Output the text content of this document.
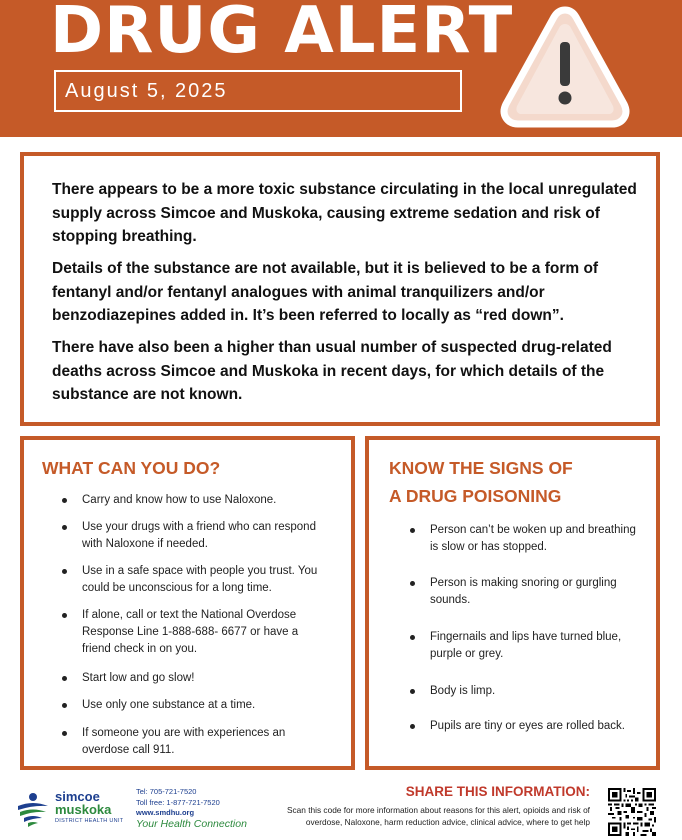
DRUG ALERT
August 5, 2025

There appears to be a more toxic substance circulating in the local unregulated supply across Simcoe and Muskoka, causing extreme sedation and risk of stopping breathing.

Details of the substance are not available, but it is believed to be a form of fentanyl and/or fentanyl analogues with animal tranquilizers and/or benzodiazepines added in. It’s been referred to locally as “red down”.

There have also been a higher than usual number of suspected drug-related deaths across Simcoe and Muskoka in recent days, for which details of the substance are not known.

WHAT CAN YOU DO?
Carry and know how to use Naloxone.
Use your drugs with a friend who can respond with Naloxone if needed.
Use in a safe space with people you trust. You could be unconscious for a long time.
If alone, call or text the National Overdose Response Line 1-888-688- 6677 or have a friend check in on you.
Start low and go slow!
Use only one substance at a time.
If someone you are with experiences an overdose call 911.
KNOW THE SIGNS OF
A DRUG POISONING
Person can’t be woken up and breathing is slow or has stopped.
Person is making snoring or gurgling sounds.
Fingernails and lips have turned blue, purple or grey.
Body is limp.
Pupils are tiny or eyes are rolled back.
simcoe
muskoka
DISTRICT HEALTH UNIT
Tel: 705-721-7520
Toll free: 1-877-721-7520
www.smdhu.org
Your Health Connection
SHARE THIS INFORMATION:
Scan this code for more information about reasons for this alert, opioids and risk of overdose, Naloxone, harm reduction advice, clinical advice, where to get help
